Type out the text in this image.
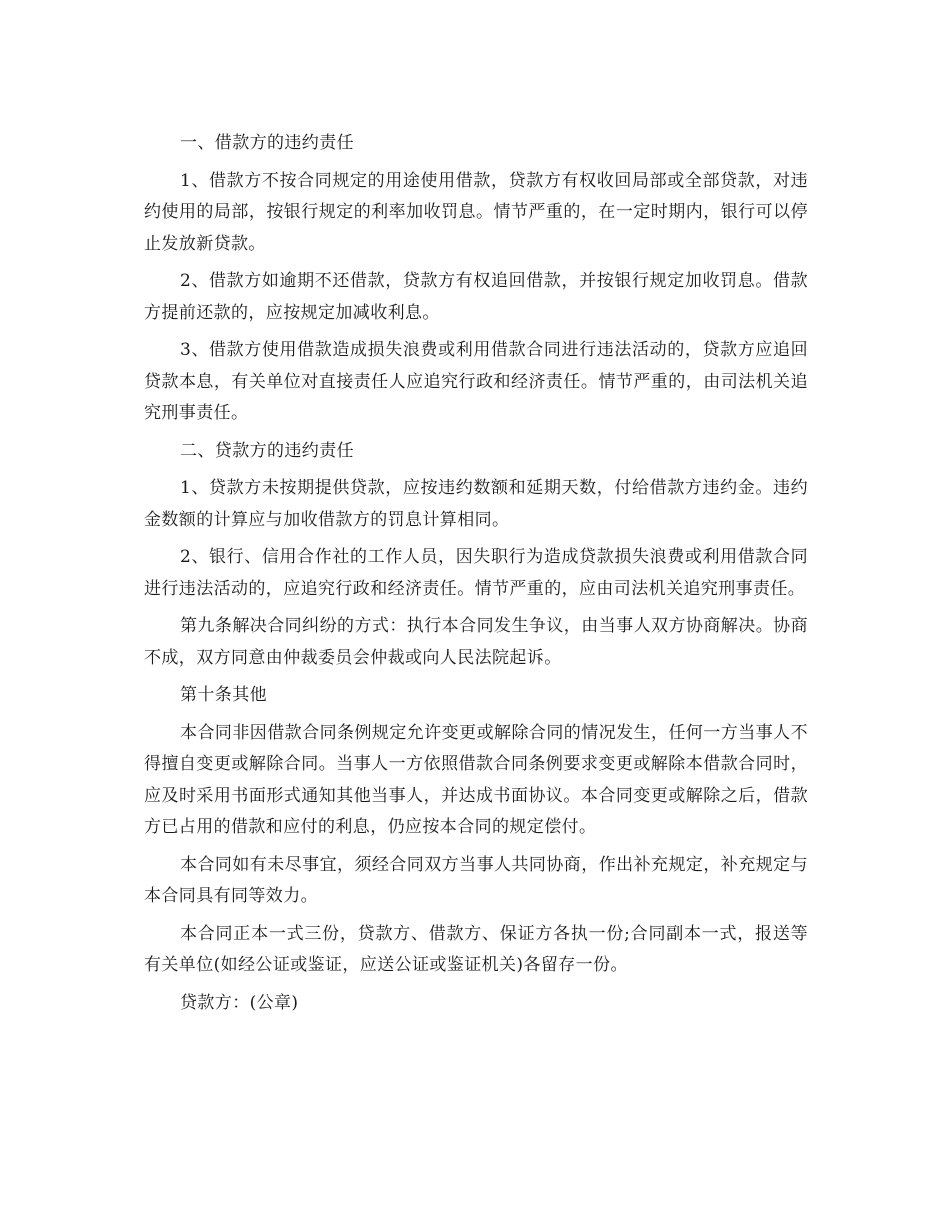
一、借款方的违约责任

1、借款方不按合同规定的用途使用借款，贷款方有权收回局部或全部贷款，对违约使用的局部，按银行规定的利率加收罚息。情节严重的，在一定时期内，银行可以停止发放新贷款。

2、借款方如逾期不还借款，贷款方有权追回借款，并按银行规定加收罚息。借款方提前还款的，应按规定加减收利息。

3、借款方使用借款造成损失浪费或利用借款合同进行违法活动的，贷款方应追回贷款本息，有关单位对直接责任人应追究行政和经济责任。情节严重的，由司法机关追究刑事责任。

二、贷款方的违约责任

1、贷款方未按期提供贷款，应按违约数额和延期天数，付给借款方违约金。违约金数额的计算应与加收借款方的罚息计算相同。

2、银行、信用合作社的工作人员，因失职行为造成贷款损失浪费或利用借款合同进行违法活动的，应追究行政和经济责任。情节严重的，应由司法机关追究刑事责任。

第九条解决合同纠纷的方式：执行本合同发生争议，由当事人双方协商解决。协商不成，双方同意由仲裁委员会仲裁或向人民法院起诉。

第十条其他

本合同非因借款合同条例规定允许变更或解除合同的情况发生，任何一方当事人不得擅自变更或解除合同。当事人一方依照借款合同条例要求变更或解除本借款合同时，应及时采用书面形式通知其他当事人，并达成书面协议。本合同变更或解除之后，借款方已占用的借款和应付的利息，仍应按本合同的规定偿付。

本合同如有未尽事宜，须经合同双方当事人共同协商，作出补充规定，补充规定与本合同具有同等效力。

本合同正本一式三份，贷款方、借款方、保证方各执一份;合同副本一式，报送等有关单位(如经公证或鉴证，应送公证或鉴证机关)各留存一份。

贷款方：(公章)
